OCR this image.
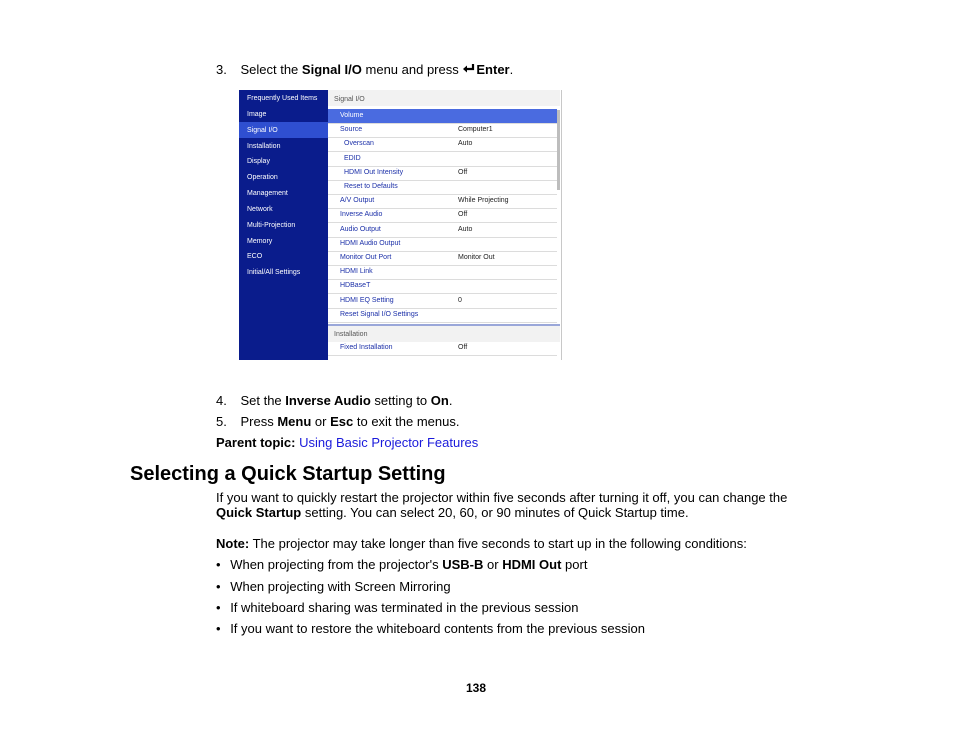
3. Select the Signal I/O menu and press Enter.
Frequently Used Items
Image
Signal I/O
Installation
Display
Operation
Management
Network
Multi-Projection
Memory
ECO
Initial/All Settings
Signal I/O
Volume
Source	Computer1
Overscan	Auto
EDID
HDMI Out Intensity	Off
Reset to Defaults
A/V Output	While Projecting
Inverse Audio	Off
Audio Output	Auto
HDMI Audio Output
Monitor Out Port	Monitor Out
HDMI Link
HDBaseT
HDMI EQ Setting	0
Reset Signal I/O Settings
Installation
Fixed Installation	Off
4. Set the Inverse Audio setting to On.
5. Press Menu or Esc to exit the menus.
Parent topic: Using Basic Projector Features
Selecting a Quick Startup Setting
If you want to quickly restart the projector within five seconds after turning it off, you can change the
Quick Startup setting. You can select 20, 60, or 90 minutes of Quick Startup time.
Note: The projector may take longer than five seconds to start up in the following conditions:
• When projecting from the projector's USB-B or HDMI Out port
• When projecting with Screen Mirroring
• If whiteboard sharing was terminated in the previous session
• If you want to restore the whiteboard contents from the previous session
138
